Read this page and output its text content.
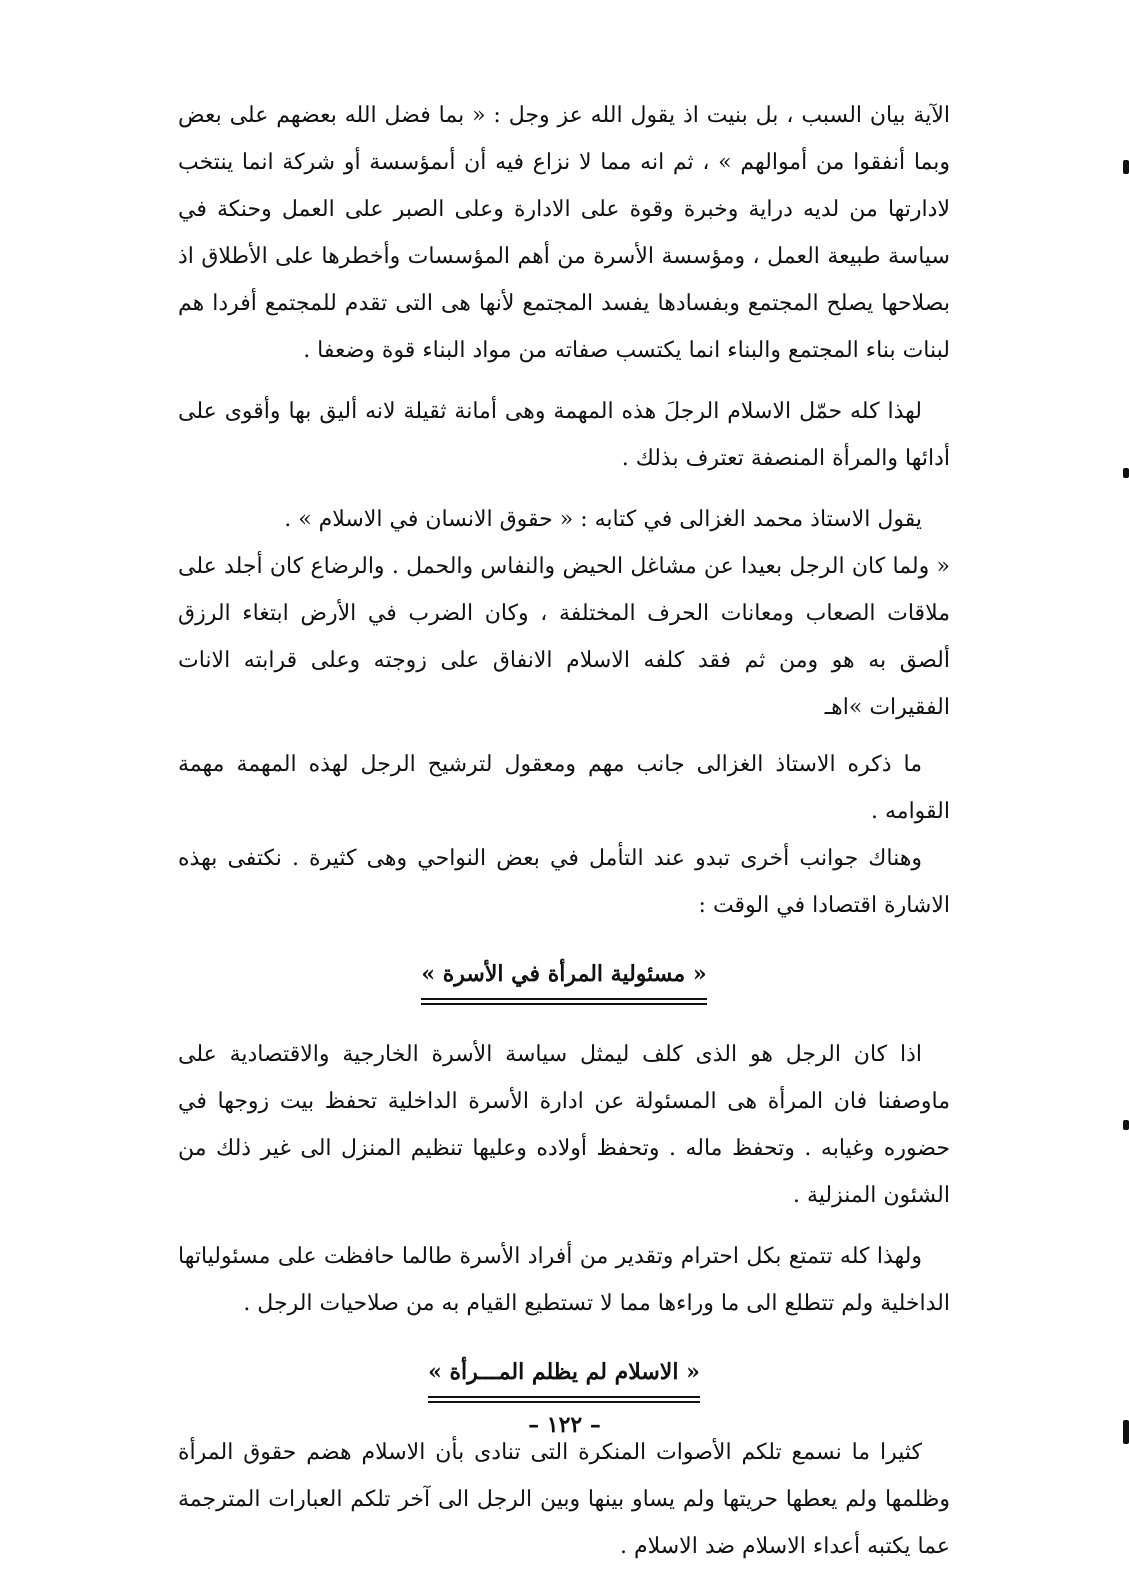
الآية بيان السبب ، بل بنيت اذ يقول الله عز وجل : « بما فضل الله بعضهم على بعض وبما أنفقوا من أموالهم » ، ثم انه مما لا نزاع فيه أن أىمؤسسة أو شركة انما ينتخب لادارتها من لديه دراية وخبرة وقوة على الادارة وعلى الصبر على العمل وحنكة في سياسة طبيعة العمل ، ومؤسسة الأسرة من أهم المؤسسات وأخطرها على الأطلاق اذ بصلاحها يصلح المجتمع وبفسادها يفسد المجتمع لأنها هى التى تقدم للمجتمع أفردا هم لبنات بناء المجتمع والبناء انما يكتسب صفاته من مواد البناء قوة وضعفا .

لهذا كله حمّل الاسلام الرجلَ هذه المهمة وهى أمانة ثقيلة لانه أليق بها وأقوى على أدائها والمرأة المنصفة تعترف بذلك .

يقول الاستاذ محمد الغزالى في كتابه : « حقوق الانسان في الاسلام » .

« ولما كان الرجل بعيدا عن مشاغل الحيض والنفاس والحمل . والرضاع كان أجلد على ملاقات الصعاب ومعانات الحرف المختلفة ، وكان الضرب في الأرض ابتغاء الرزق ألصق به هو ومن ثم فقد كلفه الاسلام الانفاق على زوجته وعلى قرابته الانات الفقيرات »اهـ

ما ذكره الاستاذ الغزالى جانب مهم ومعقول لترشيح الرجل لهذه المهمة مهمة القوامه .

وهناك جوانب أخرى تبدو عند التأمل في بعض النواحي وهى كثيرة . نكتفى بهذه الاشارة اقتصادا في الوقت :

« مسئولية المرأة في الأسرة »

اذا كان الرجل هو الذى كلف ليمثل سياسة الأسرة الخارجية والاقتصادية على ماوصفنا فان المرأة هى المسئولة عن ادارة الأسرة الداخلية تحفظ بيت زوجها في حضوره وغيابه . وتحفظ ماله . وتحفظ أولاده وعليها تنظيم المنزل الى غير ذلك من الشئون المنزلية .

ولهذا كله تتمتع بكل احترام وتقدير من أفراد الأسرة طالما حافظت على مسئولياتها الداخلية ولم تتطلع الى ما وراءها مما لا تستطيع القيام به من صلاحيات الرجل .

« الاسلام لم يظلم المـــرأة »

كثيرا ما نسمع تلكم الأصوات المنكرة التى تنادى بأن الاسلام هضم حقوق المرأة وظلمها ولم يعطها حريتها ولم يساو بينها وبين الرجل الى آخر تلكم العبارات المترجمة عما يكتبه أعداء الاسلام ضد الاسلام .

– ١٢٢ –
